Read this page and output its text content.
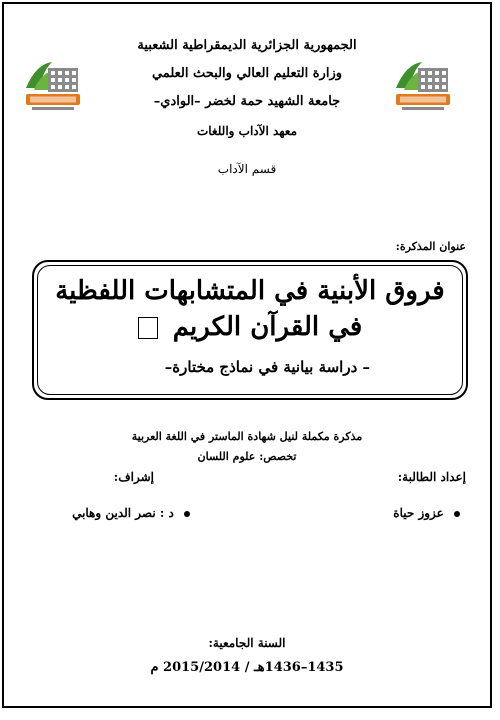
الجمهورية الجزائرية الديمقراطية الشعبية
وزارة التعليم العالي والبحث العلمي
جامعة الشهيد حمة لخضر –الوادي–
معهد الآداب واللغات
قسم الآداب
عنوان المذكرة:
فروق الأبنية في المتشابهات اللفظية
في القرآن الكريم
– دراسة بيانية في نماذج مختارة–
مذكرة مكملة لنيل شهادة الماستر في اللغة العربية
تخصص: علوم اللسان
إعداد الطالبة:
عزوز حياة
إشراف:
د : نصر الدين وهابي
السنة الجامعية:
1435–1436هـ / 2015/2014 م
